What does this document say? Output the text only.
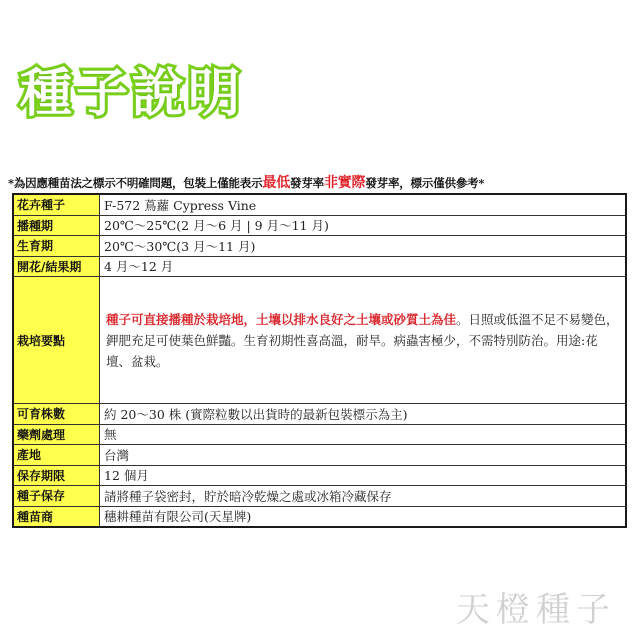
種子說明
*為因應種苗法之標示不明確問題，包裝上僅能表示最低發芽率非實際發芽率，標示僅供參考*
花卉種子	F-572 蔦蘿 Cypress Vine
播種期	20℃～25℃(2 月～6 月 | 9 月～11 月)
生育期	20℃～30℃(3 月～11 月)
開花/結果期	4 月～12 月
栽培要點	種子可直接播種於栽培地，土壤以排水良好之土壤或砂質土為佳。日照或低溫不足不易變色，鉀肥充足可使葉色鮮豔。生育初期性喜高溫，耐旱。病蟲害極少，不需特別防治。用途:花壇、盆栽。
可育株數	約 20～30 株 (實際粒數以出貨時的最新包裝標示為主)
藥劑處理	無
產地	台灣
保存期限	12 個月
種子保存	請將種子袋密封，貯於暗冷乾燥之處或冰箱冷藏保存
種苗商	穗耕種苗有限公司(天星牌)
天橙種子
